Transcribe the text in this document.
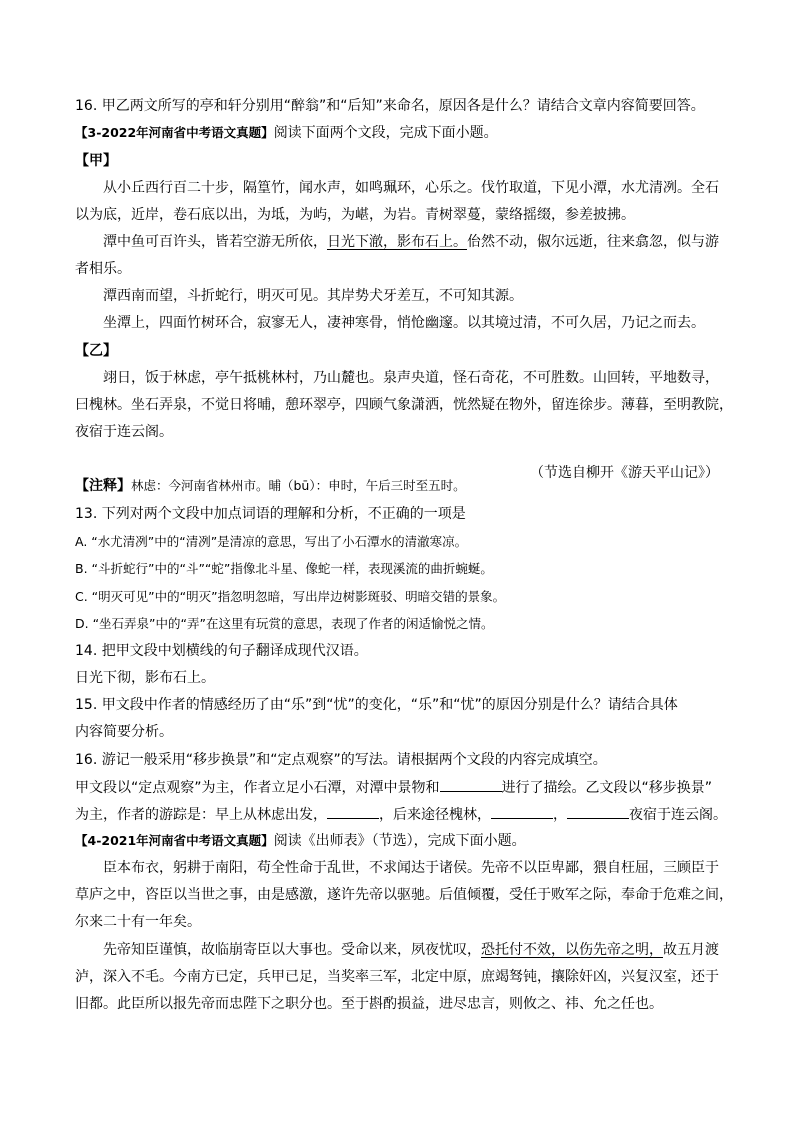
16. 甲乙两文所写的亭和轩分别用“醉翁”和“后知”来命名，原因各是什么？请结合文章内容简要回答。

【3-2022年河南省中考语文真题】阅读下面两个文段，完成下面小题。

【甲】

从小丘西行百二十步，隔篁竹，闻水声，如鸣珮环，心乐之。伐竹取道，下见小潭，水尤清冽。全石

以为底，近岸，卷石底以出，为坻，为屿，为嵁，为岩。青树翠蔓，蒙络摇缀，参差披拂。

潭中鱼可百许头，皆若空游无所依，日光下澈，影布石上。佁然不动，俶尔远逝，往来翕忽，似与游

者相乐。

潭西南而望，斗折蛇行，明灭可见。其岸势犬牙差互，不可知其源。

坐潭上，四面竹树环合，寂寥无人，凄神寒骨，悄怆幽邃。以其境过清，不可久居，乃记之而去。

【乙】

翊日，饭于林虑，亭午抵桃林村，乃山麓也。泉声央道，怪石奇花，不可胜数。山回转，平地数寻，

曰槐林。坐石弄泉，不觉日将晡，憩环翠亭，四顾气象潇洒，恍然疑在物外，留连徐步。薄暮，至明教院，

夜宿于连云阁。

（节选自柳开《游天平山记》）

【注释】林虑：今河南省林州市。晡（bū）：申时，午后三时至五时。

13. 下列对两个文段中加点词语的理解和分析，不正确的一项是

A. “水尤清冽”中的“清冽”是清凉的意思，写出了小石潭水的清澈寒凉。

B. “斗折蛇行”中的“斗”“蛇”指像北斗星、像蛇一样，表现溪流的曲折蜿蜒。

C. “明灭可见”中的“明灭”指忽明忽暗，写出岸边树影斑驳、明暗交错的景象。

D. “坐石弄泉”中的“弄”在这里有玩赏的意思，表现了作者的闲适愉悦之情。

14. 把甲文段中划横线的句子翻译成现代汉语。

日光下彻，影布石上。

15. 甲文段中作者的情感经历了由“乐”到“忧”的变化，“乐”和“忧”的原因分别是什么？请结合具体

内容简要分析。

16. 游记一般采用“移步换景”和“定点观察”的写法。请根据两个文段的内容完成填空。

甲文段以“定点观察”为主，作者立足小石潭，对潭中景物和	进行了描绘。乙文段以“移步换景”

为主，作者的游踪是：早上从林虑出发，	，后来途径槐林，	，	夜宿于连云阁。

【4-2021年河南省中考语文真题】阅读《出师表》（节选），完成下面小题。

臣本布衣，躬耕于南阳，苟全性命于乱世，不求闻达于诸侯。先帝不以臣卑鄙，猥自枉屈，三顾臣于

草庐之中，咨臣以当世之事，由是感激，遂许先帝以驱驰。后值倾覆，受任于败军之际，奉命于危难之间，

尔来二十有一年矣。

先帝知臣谨慎，故临崩寄臣以大事也。受命以来，夙夜忧叹，恐托付不效，以伤先帝之明，故五月渡

泸，深入不毛。今南方已定，兵甲已足，当奖率三军，北定中原，庶竭驽钝，攘除奸凶，兴复汉室，还于

旧都。此臣所以报先帝而忠陛下之职分也。至于斟酌损益，进尽忠言，则攸之、祎、允之任也。
